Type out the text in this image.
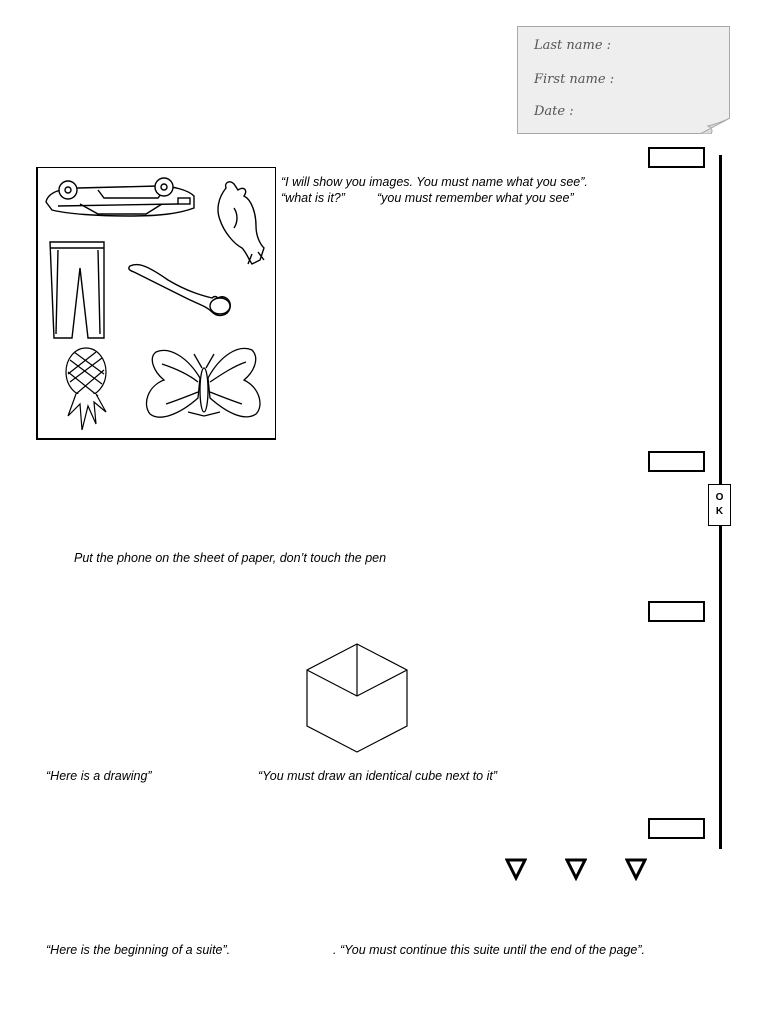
Last name :
First name :
Date :
O
K
“I will show you images. You must name what you see”.
“what is it?”	“you must remember what you see”
Put the phone on the sheet of paper, don’t touch the pen
“Here is a drawing”	“You must draw an identical cube next to it”
“Here is the beginning of a suite”.	. “You must continue this suite until the end of the page”.
